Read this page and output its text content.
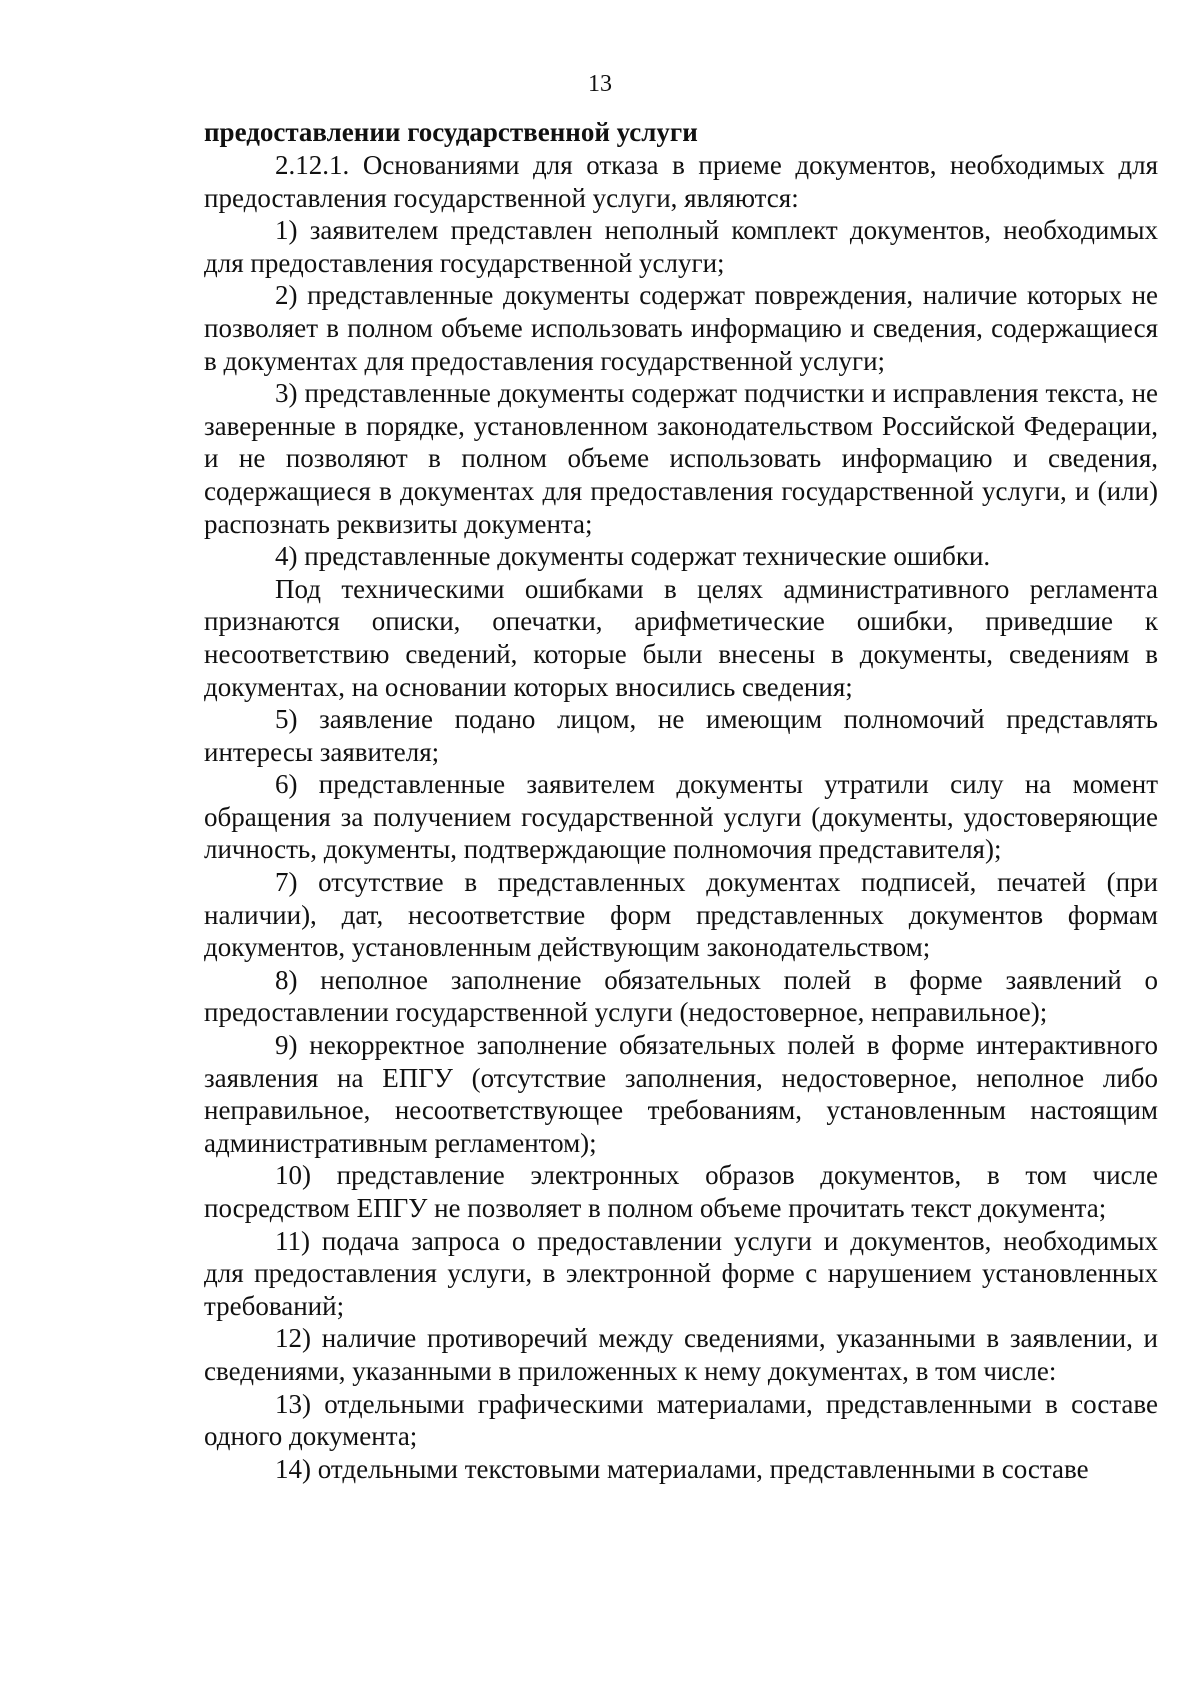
13

предоставлении государственной услуги

2.12.1. Основаниями для отказа в приеме документов, необходимых для предоставления государственной услуги, являются:

1) заявителем представлен неполный комплект документов, необходимых для предоставления государственной услуги;

2) представленные документы содержат повреждения, наличие которых не позволяет в полном объеме использовать информацию и сведения, содержащиеся в документах для предоставления государственной услуги;

3) представленные документы содержат подчистки и исправления текста, не заверенные в порядке, установленном законодательством Российской Федерации, и не позволяют в полном объеме использовать информацию и сведения, содержащиеся в документах для предоставления государственной услуги, и (или) распознать реквизиты документа;

4) представленные документы содержат технические ошибки.

Под техническими ошибками в целях административного регламента признаются описки, опечатки, арифметические ошибки, приведшие к несоответствию сведений, которые были внесены в документы, сведениям в документах, на основании которых вносились сведения;

5) заявление подано лицом, не имеющим полномочий представлять интересы заявителя;

6) представленные заявителем документы утратили силу на момент обращения за получением государственной услуги (документы, удостоверяющие личность, документы, подтверждающие полномочия представителя);

7) отсутствие в представленных документах подписей, печатей (при наличии), дат, несоответствие форм представленных документов формам документов, установленным действующим законодательством;

8) неполное заполнение обязательных полей в форме заявлений о предоставлении государственной услуги (недостоверное, неправильное);

9) некорректное заполнение обязательных полей в форме интерактивного заявления на ЕПГУ (отсутствие заполнения, недостоверное, неполное либо неправильное, несоответствующее требованиям, установленным настоящим административным регламентом);

10) представление электронных образов документов, в том числе посредством ЕПГУ не позволяет в полном объеме прочитать текст документа;

11) подача запроса о предоставлении услуги и документов, необходимых для предоставления услуги, в электронной форме с нарушением установленных требований;

12) наличие противоречий между сведениями, указанными в заявлении, и сведениями, указанными в приложенных к нему документах, в том числе:

13) отдельными графическими материалами, представленными в составе одного документа;

14) отдельными текстовыми материалами, представленными в составе
